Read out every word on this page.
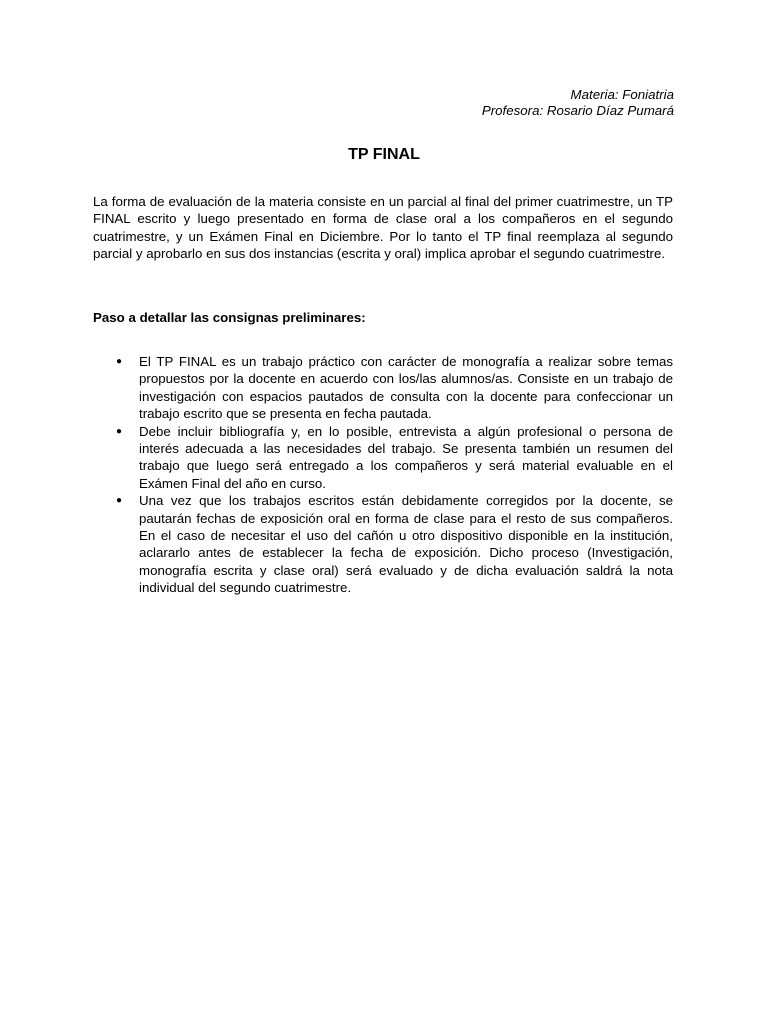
Materia: Foniatria
Profesora: Rosario Díaz Pumará
TP FINAL

La forma de evaluación de la materia consiste en un parcial al final del primer cuatrimestre, un TP FINAL escrito y luego presentado en forma de clase oral a los compañeros en el segundo cuatrimestre, y un Exámen Final en Diciembre. Por lo tanto el TP final reemplaza al segundo parcial y aprobarlo en sus dos instancias (escrita y oral) implica aprobar el segundo cuatrimestre.

Paso a detallar las consignas preliminares:

● El TP FINAL es un trabajo práctico con carácter de monografía a realizar sobre temas propuestos por la docente en acuerdo con los/las alumnos/as. Consiste en un trabajo de investigación con espacios pautados de consulta con la docente para confeccionar un trabajo escrito que se presenta en fecha pautada.
● Debe incluir bibliografía y, en lo posible, entrevista a algún profesional o persona de interés adecuada a las necesidades del trabajo. Se presenta también un resumen del trabajo que luego será entregado a los compañeros y será material evaluable en el Exámen Final del año en curso.
● Una vez que los trabajos escritos están debidamente corregidos por la docente, se pautarán fechas de exposición oral en forma de clase para el resto de sus compañeros. En el caso de necesitar el uso del cañón u otro dispositivo disponible en la institución, aclararlo antes de establecer la fecha de exposición. Dicho proceso (Investigación, monografía escrita y clase oral) será evaluado y de dicha evaluación saldrá la nota individual del segundo cuatrimestre.
